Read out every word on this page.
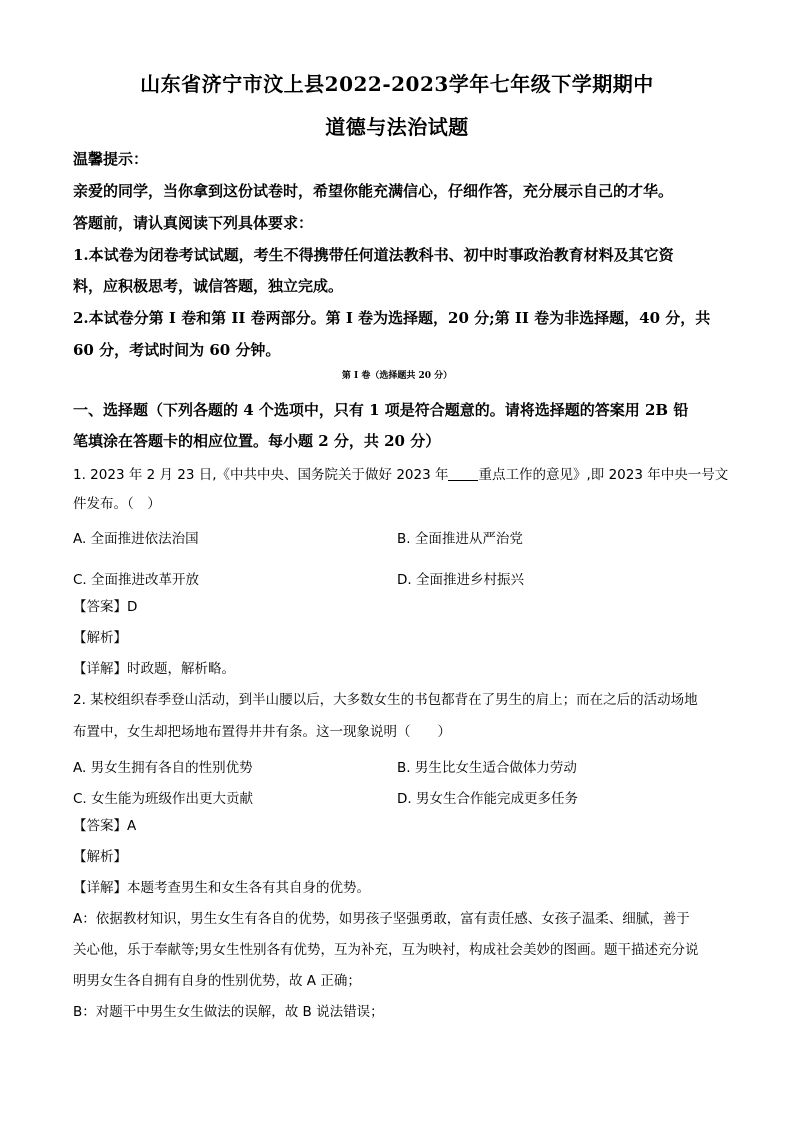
山东省济宁市汶上县2022-2023学年七年级下学期期中
道德与法治试题
温馨提示：
亲爱的同学，当你拿到这份试卷时，希望你能充满信心，仔细作答，充分展示自己的才华。
答题前，请认真阅读下列具体要求：
1.本试卷为闭卷考试试题，考生不得携带任何道法教科书、初中时事政治教育材料及其它资
料，应积极思考，诚信答题，独立完成。
2.本试卷分第 I 卷和第 II 卷两部分。第 I 卷为选择题，20 分;第 II 卷为非选择题，40 分，共
60 分，考试时间为 60 分钟。
第 I 卷（选择题共 20 分）
一、选择题（下列各题的 4 个选项中，只有 1 项是符合题意的。请将选择题的答案用 2B 铅
笔填涂在答题卡的相应位置。每小题 2 分，共 20 分）
1. 2023 年 2 月 23 日,《中共中央、国务院关于做好 2023 年 重点工作的意见》,即 2023 年中央一号文
件发布。（　）
A. 全面推进依法治国	B. 全面推进从严治党
C. 全面推进改革开放	D. 全面推进乡村振兴
【答案】D
【解析】
【详解】时政题，解析略。
2. 某校组织春季登山活动，到半山腰以后，大多数女生的书包都背在了男生的肩上；而在之后的活动场地
布置中，女生却把场地布置得井井有条。这一现象说明（　　）
A. 男女生拥有各自的性别优势	B. 男生比女生适合做体力劳动
C. 女生能为班级作出更大贡献	D. 男女生合作能完成更多任务
【答案】A
【解析】
【详解】本题考查男生和女生各有其自身的优势。
A：依据教材知识，男生女生有各自的优势，如男孩子坚强勇敢，富有责任感、女孩子温柔、细腻，善于
关心他，乐于奉献等;男女生性别各有优势，互为补充，互为映衬，构成社会美妙的图画。题干描述充分说
明男女生各自拥有自身的性别优势，故 A 正确；
B：对题干中男生女生做法的误解，故 B 说法错误；
